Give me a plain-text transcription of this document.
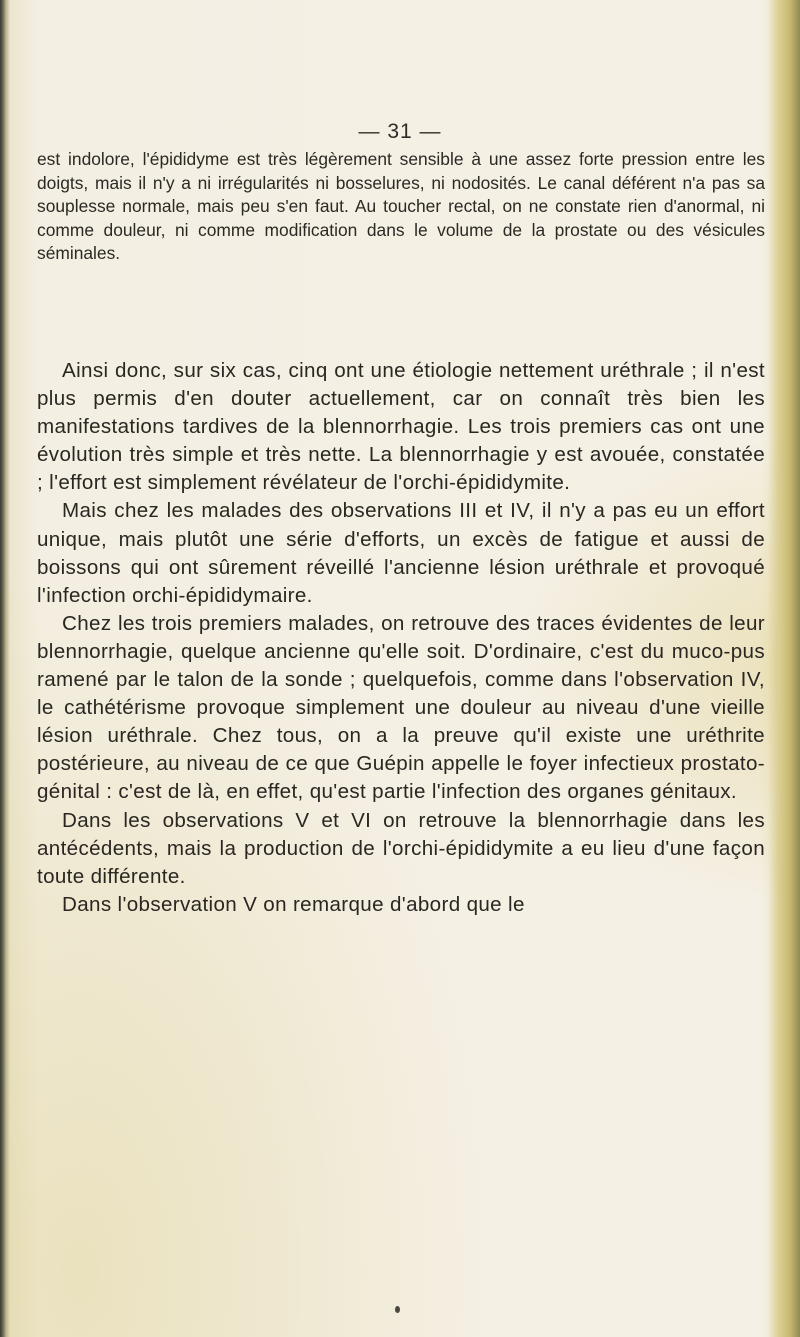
— 31 —

est indolore, l'épididyme est très légèrement sensible à une assez forte pression entre les doigts, mais il n'y a ni irrégularités ni bosselures, ni nodosités. Le canal déférent n'a pas sa souplesse normale, mais peu s'en faut. Au toucher rectal, on ne constate rien d'anormal, ni comme douleur, ni comme modification dans le volume de la prostate ou des vésicules séminales.

Ainsi donc, sur six cas, cinq ont une étiologie nettement uréthrale ; il n'est plus permis d'en douter actuellement, car on connaît très bien les manifestations tardives de la blennorrhagie. Les trois premiers cas ont une évolution très simple et très nette. La blennorrhagie y est avouée, constatée ; l'effort est simplement révélateur de l'orchi-épididymite.

Mais chez les malades des observations III et IV, il n'y a pas eu un effort unique, mais plutôt une série d'efforts, un excès de fatigue et aussi de boissons qui ont sûrement réveillé l'ancienne lésion uréthrale et provoqué l'infection orchi-épididymaire.

Chez les trois premiers malades, on retrouve des traces évidentes de leur blennorrhagie, quelque ancienne qu'elle soit. D'ordinaire, c'est du muco-pus ramené par le talon de la sonde ; quelquefois, comme dans l'observation IV, le cathétérisme provoque simplement une douleur au niveau d'une vieille lésion uréthrale. Chez tous, on a la preuve qu'il existe une uréthrite postérieure, au niveau de ce que Guépin appelle le foyer infectieux prostato-génital : c'est de là, en effet, qu'est partie l'infection des organes génitaux.

Dans les observations V et VI on retrouve la blennorrhagie dans les antécédents, mais la production de l'orchi-épididymite a eu lieu d'une façon toute différente.

Dans l'observation V on remarque d'abord que le
